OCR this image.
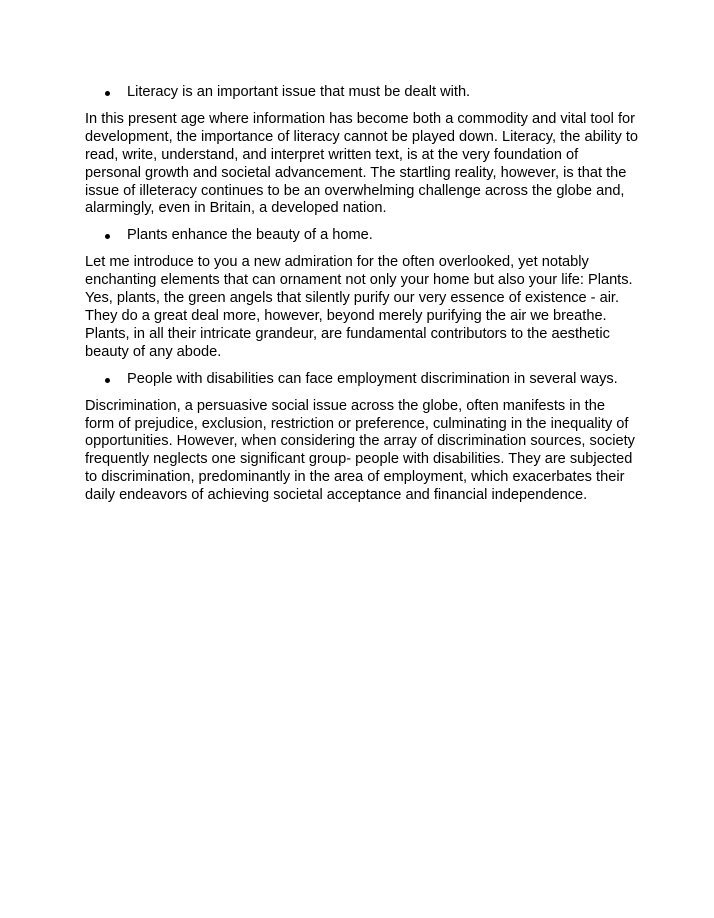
Literacy is an important issue that must be dealt with.

In this present age where information has become both a commodity and vital tool for development, the importance of literacy cannot be played down. Literacy, the ability to read, write, understand, and interpret written text, is at the very foundation of personal growth and societal advancement. The startling reality, however, is that the issue of illeteracy continues to be an overwhelming challenge across the globe and, alarmingly, even in Britain, a developed nation.

Plants enhance the beauty of a home.

Let me introduce to you a new admiration for the often overlooked, yet notably enchanting elements that can ornament not only your home but also your life: Plants. Yes, plants, the green angels that silently purify our very essence of existence - air. They do a great deal more, however, beyond merely purifying the air we breathe. Plants, in all their intricate grandeur, are fundamental contributors to the aesthetic beauty of any abode.

People with disabilities can face employment discrimination in several ways.

Discrimination, a persuasive social issue across the globe, often manifests in the form of prejudice, exclusion, restriction or preference, culminating in the inequality of opportunities. However, when considering the array of discrimination sources, society frequently neglects one significant group- people with disabilities. They are subjected to discrimination, predominantly in the area of employment, which exacerbates their daily endeavors of achieving societal acceptance and financial independence.
